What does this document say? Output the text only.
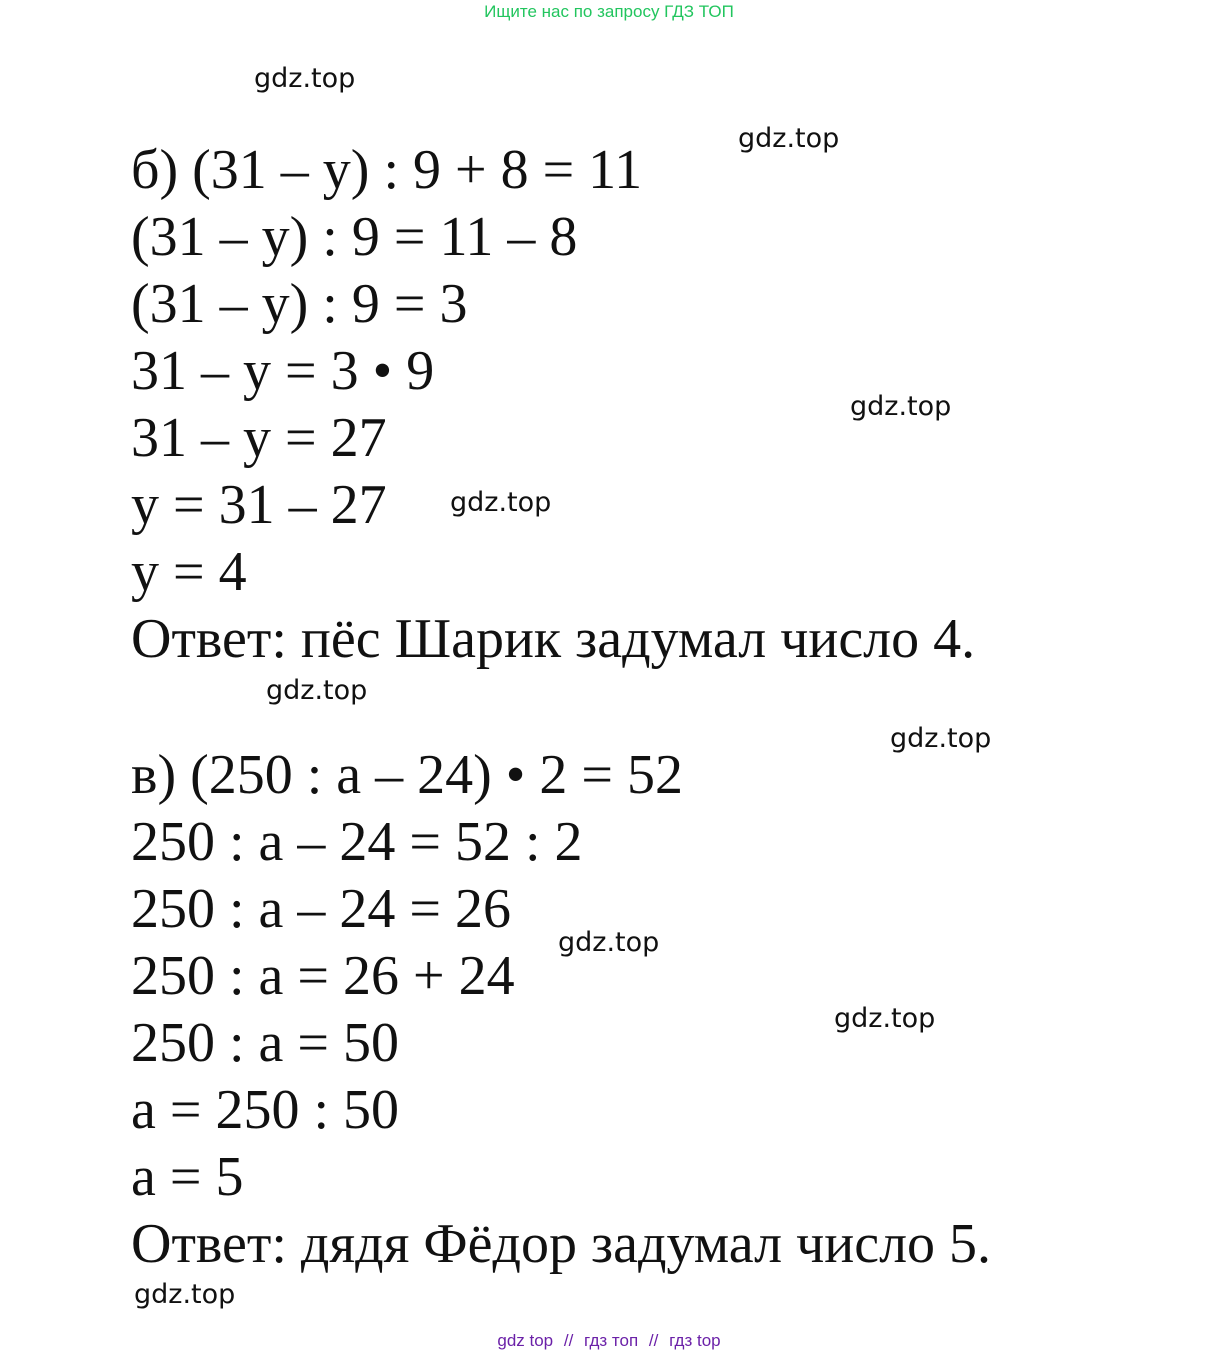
Ищите нас по запросу ГДЗ ТОП
gdz.top
gdz.top
gdz.top
gdz.top
gdz.top
gdz.top
gdz.top
gdz.top
gdz.top
б) (31 – у) : 9 + 8 = 11
(31 – у) : 9 = 11 – 8
(31 – у) : 9 = 3
31 – у = 3 • 9
31 – у = 27
у = 31 – 27
у = 4
Ответ: пёс Шарик задумал число 4.
в) (250 : а – 24) • 2 = 52
250 : а – 24 = 52 : 2
250 : а – 24 = 26
250 : а = 26 + 24
250 : а = 50
а = 250 : 50
а = 5
Ответ: дядя Фёдор задумал число 5.
gdz top // гдз топ // гдз top
